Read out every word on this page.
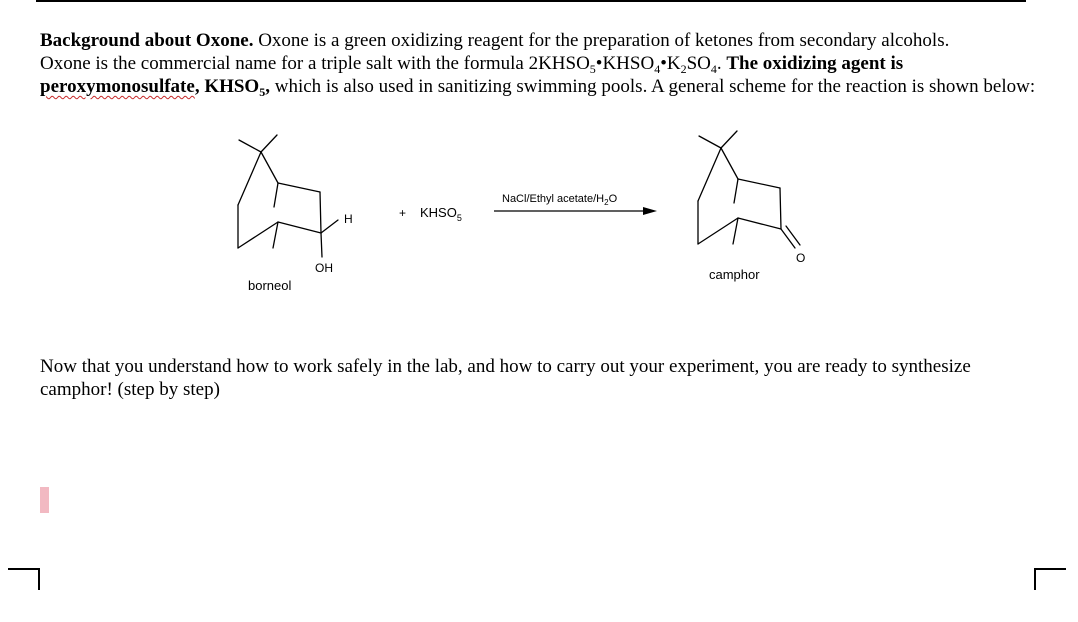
Background about Oxone. Oxone is a green oxidizing reagent for the preparation of ketones from secondary alcohols.
Oxone is the commercial name for a triple salt with the formula $2KHSO_5•KHSO_4•K_2SO_4$. The oxidizing agent is
peroxymonosulfate, $KHSO_5$, which is also used in sanitizing swimming pools. A general scheme for the reaction is shown below:

H
OH
borneol
+ $KHSO_5$
NaCl/Ethyl acetate/$H_2O$
O
camphor

Now that you understand how to work safely in the lab, and how to carry out your experiment, you are ready to synthesize camphor! (step by step)
